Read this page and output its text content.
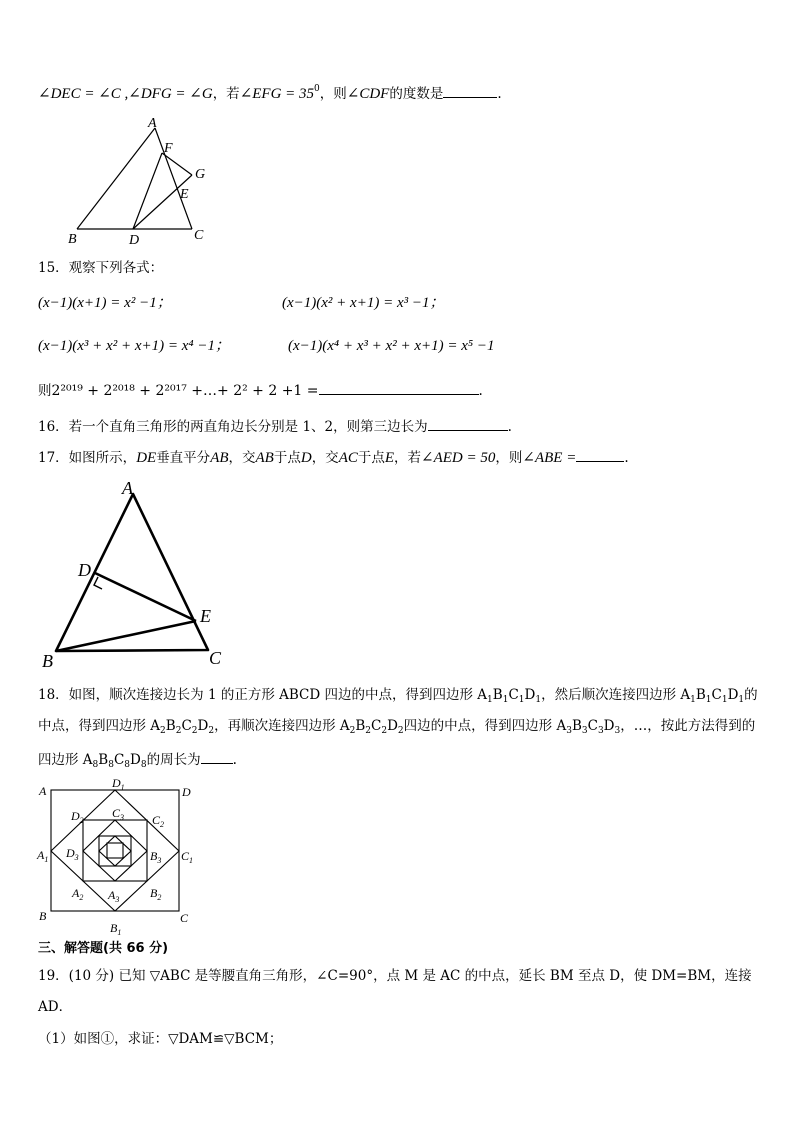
∠DEC = ∠C ,∠DFG = ∠G，若∠EFG = $35^0$，则∠CDF的度数是	.
A
B	C
D
E
F
G
15．观察下列各式：
(x−1)(x+1) = x² −1；	(x−1)(x² + x+1) = x³ −1；
(x−1)(x³ + x² + x+1) = x⁴ −1；	(x−1)(x⁴ + x³ + x² + x+1) = x⁵ −1
则2²⁰¹⁹ + 2²⁰¹⁸ + 2²⁰¹⁷ +…+ 2² + 2 +1 =	.
16．若一个直角三角形的两直角边长分别是 1、2，则第三边长为	.
17．如图所示，DE垂直平分AB，交AB于点D，交AC于点E，若∠AED = 50，则∠ABE =	.
A
B	C
D
E
18．如图，顺次连接边长为 1 的正方形 ABCD 四边的中点，得到四边形 $A_1B_1C_1D_1$，然后顺次连接四边形 $A_1B_1C_1D_1$的
中点，得到四边形 $A_2B_2C_2D_2$，再顺次连接四边形 $A_2B_2C_2D_2$四边的中点，得到四边形 $A_3B_3C_3D_3$，…，按此方法得到的
四边形 $A_8B_8C_8D_8$的周长为 .
A
B	C
D
$A_1$
$B_1$
$C_1$
$D_1$
$A_2$	$B_2$
$C_2$
$D_2$
$A_3$
$B_3$
$C_3$
$D_3$
三、解答题(共 66 分)
19．(10 分) 已知 ▽ABC 是等腰直角三角形，∠C=90°，点 M 是 AC 的中点，延长 BM 至点 D，使 DM=BM，连接
AD．
（1）如图①，求证：▽DAM≌▽BCM；
